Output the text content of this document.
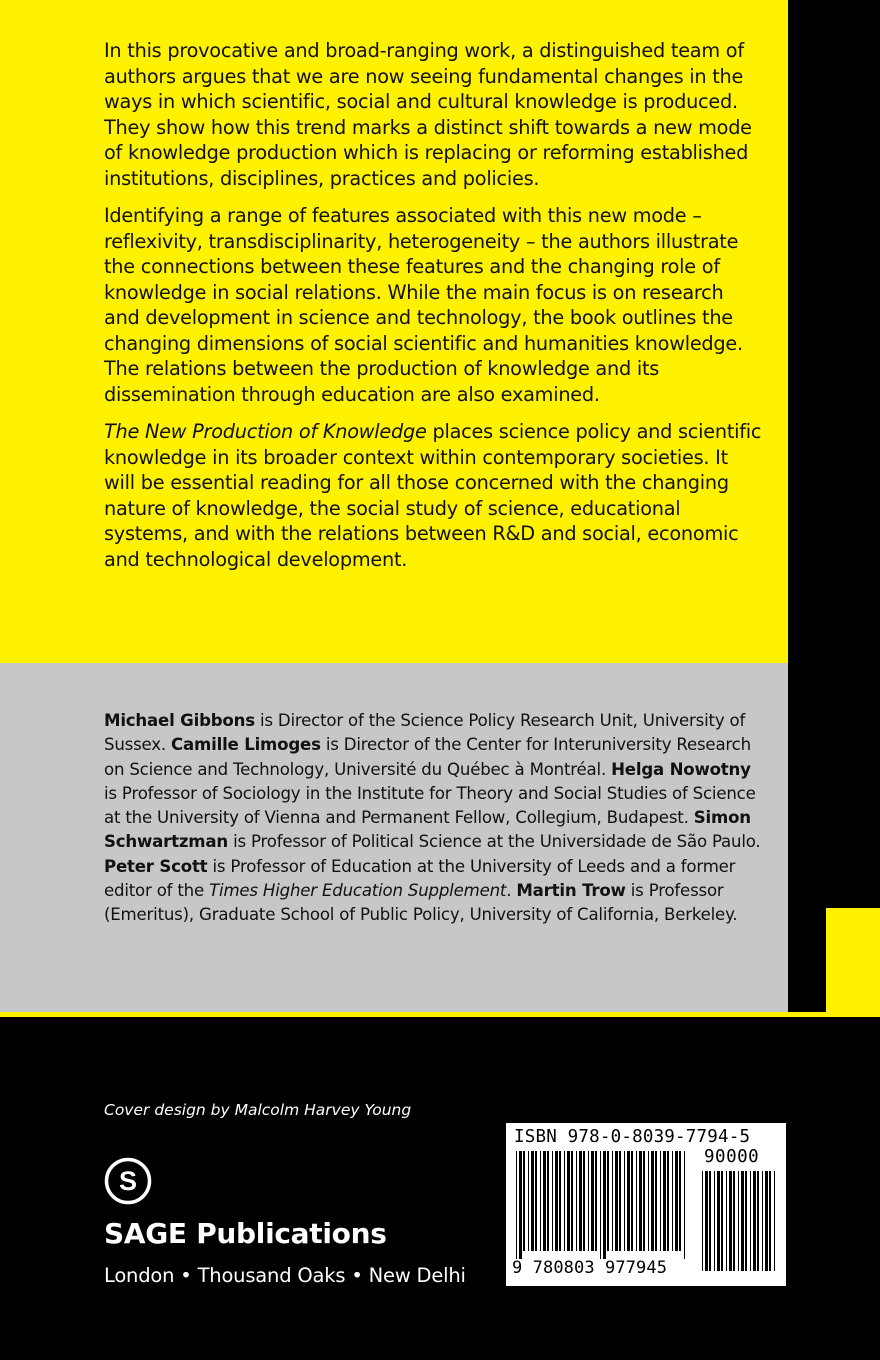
In this provocative and broad-ranging work, a distinguished team of authors argues that we are now seeing fundamental changes in the ways in which scientific, social and cultural knowledge is produced. They show how this trend marks a distinct shift towards a new mode of knowledge production which is replacing or reforming established institutions, disciplines, practices and policies.

Identifying a range of features associated with this new mode – reflexivity, transdisciplinarity, heterogeneity – the authors illustrate the connections between these features and the changing role of knowledge in social relations. While the main focus is on research and development in science and technology, the book outlines the changing dimensions of social scientific and humanities knowledge. The relations between the production of knowledge and its dissemination through education are also examined.

The New Production of Knowledge places science policy and scientific knowledge in its broader context within contemporary societies. It will be essential reading for all those concerned with the changing nature of knowledge, the social study of science, educational systems, and with the relations between R&D and social, economic and technological development.

Michael Gibbons is Director of the Science Policy Research Unit, University of Sussex. Camille Limoges is Director of the Center for Interuniversity Research on Science and Technology, Université du Québec à Montréal. Helga Nowotny is Professor of Sociology in the Institute for Theory and Social Studies of Science at the University of Vienna and Permanent Fellow, Collegium, Budapest. Simon Schwartzman is Professor of Political Science at the Universidade de São Paulo. Peter Scott is Professor of Education at the University of Leeds and a former editor of the Times Higher Education Supplement. Martin Trow is Professor (Emeritus), Graduate School of Public Policy, University of California, Berkeley.

Cover design by Malcolm Harvey Young
S
SAGE Publications
London • Thousand Oaks • New Delhi
ISBN 978-0-8039-7794-5
90000
9 780803 977945
